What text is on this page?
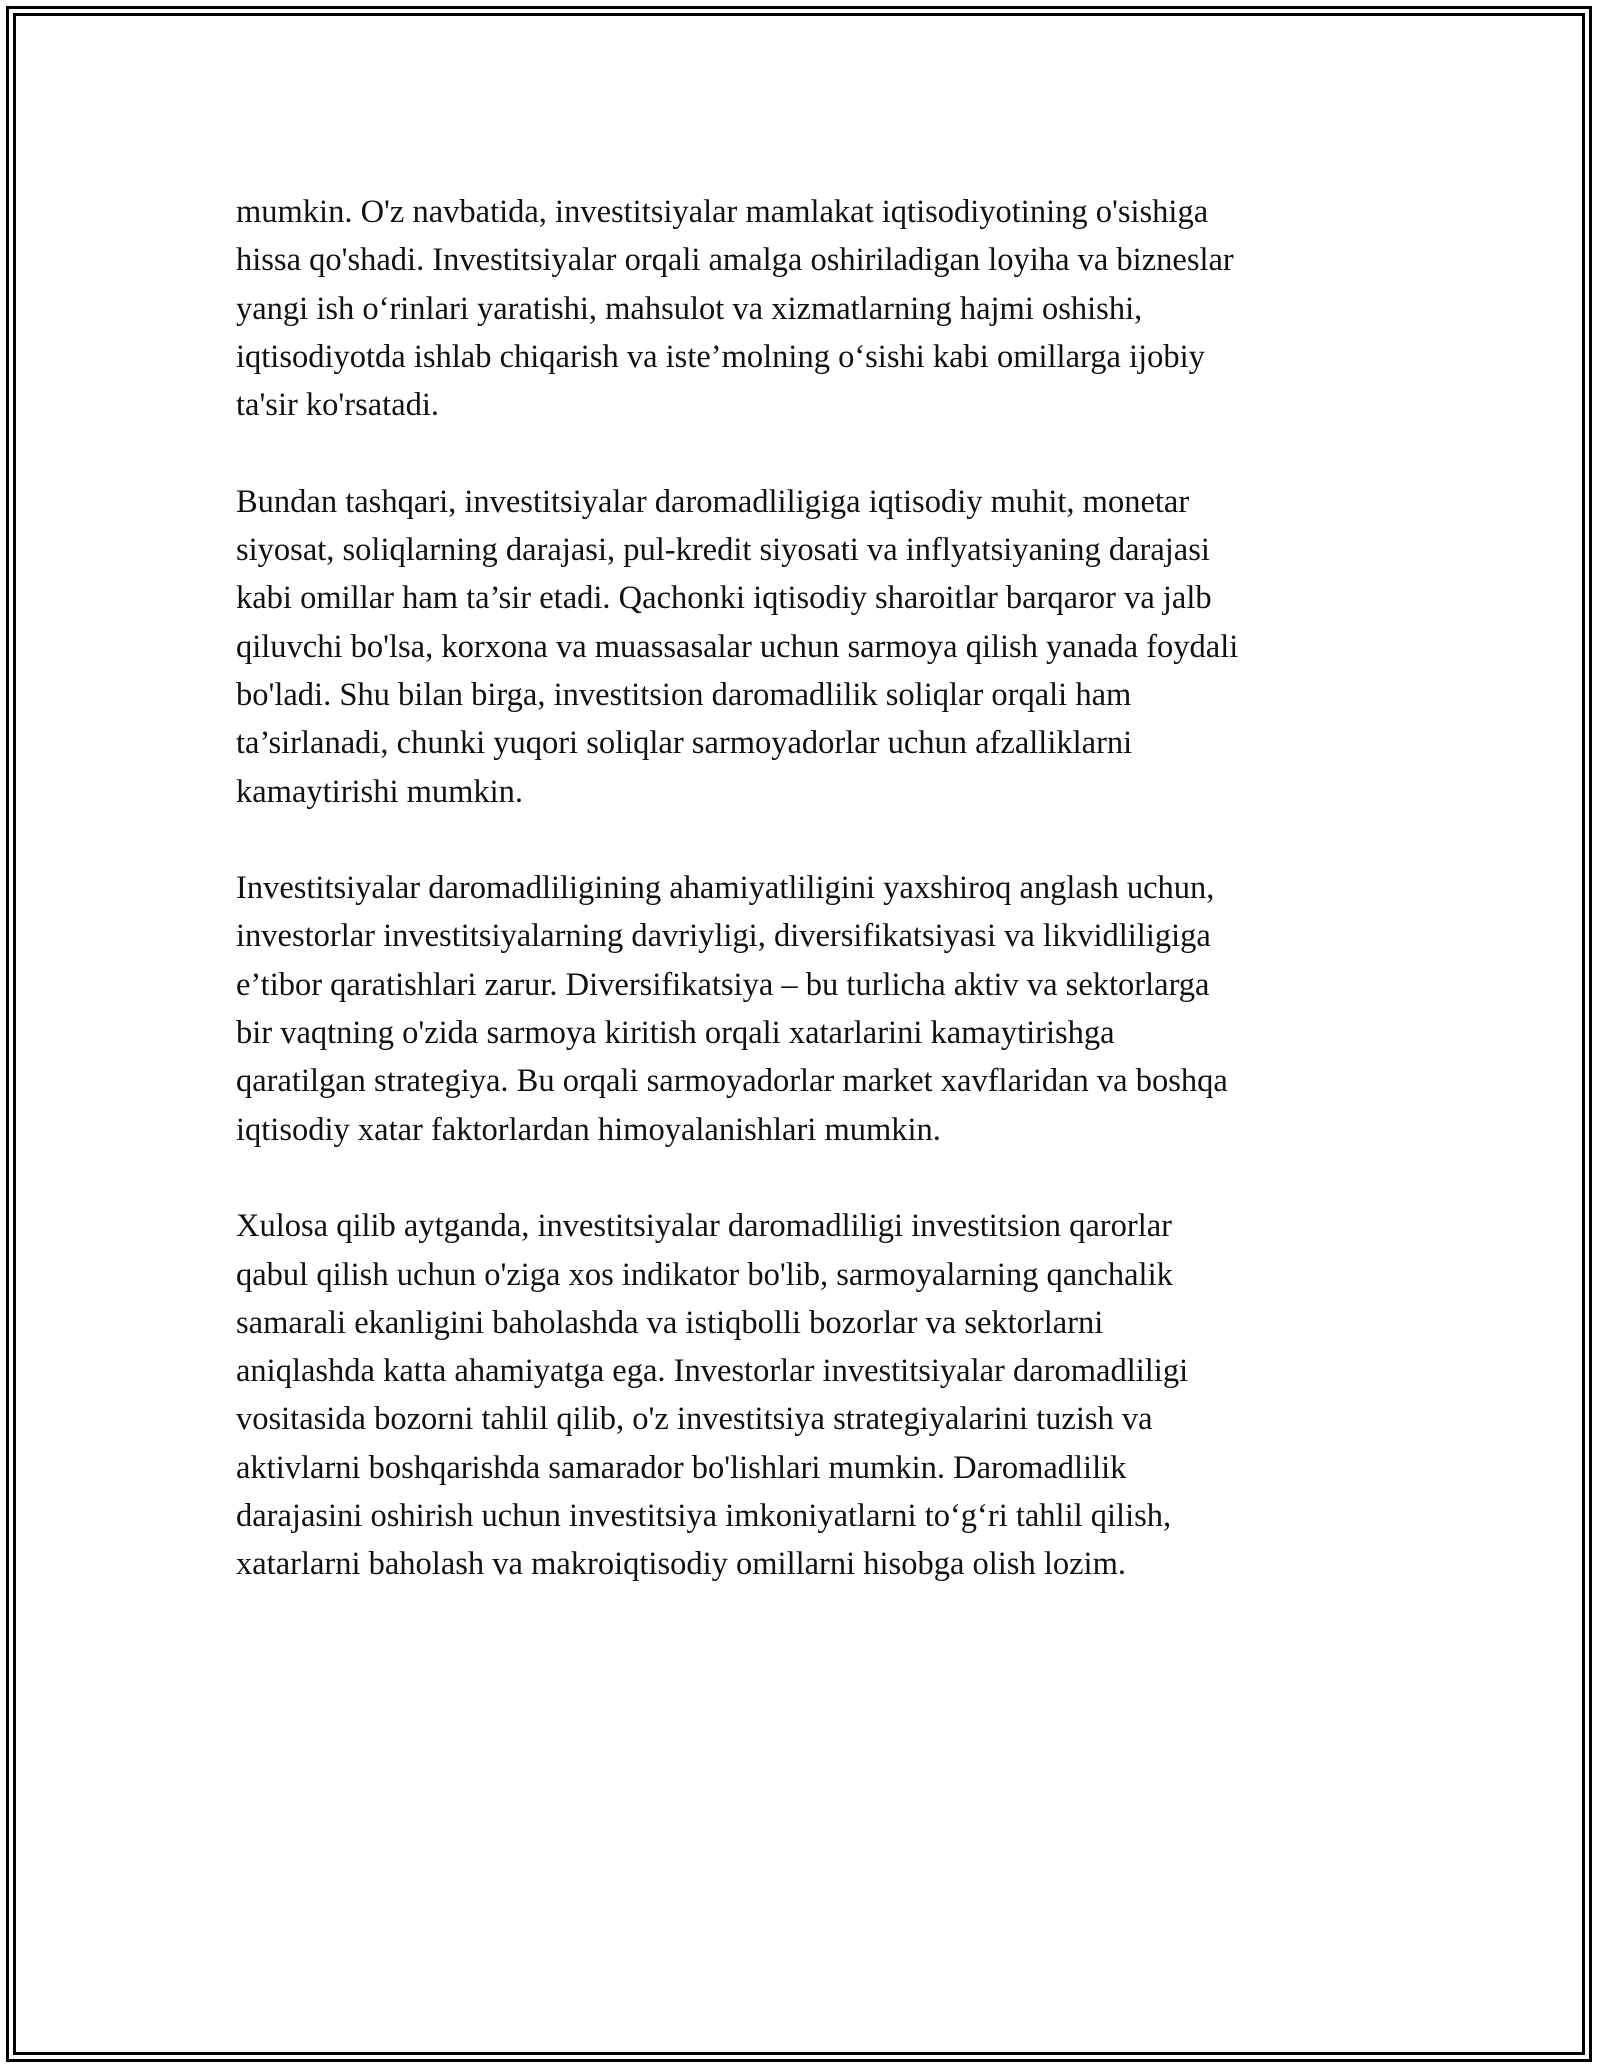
mumkin. O'z navbatida, investitsiyalar mamlakat iqtisodiyotining o'sishiga
hissa qo'shadi. Investitsiyalar orqali amalga oshiriladigan loyiha va bizneslar
yangi ish o‘rinlari yaratishi, mahsulot va xizmatlarning hajmi oshishi,
iqtisodiyotda ishlab chiqarish va iste’molning o‘sishi kabi omillarga ijobiy
ta'sir ko'rsatadi.

Bundan tashqari, investitsiyalar daromadliligiga iqtisodiy muhit, monetar
siyosat, soliqlarning darajasi, pul-kredit siyosati va inflyatsiyaning darajasi
kabi omillar ham ta’sir etadi. Qachonki iqtisodiy sharoitlar barqaror va jalb
qiluvchi bo'lsa, korxona va muassasalar uchun sarmoya qilish yanada foydali
bo'ladi. Shu bilan birga, investitsion daromadlilik soliqlar orqali ham
ta’sirlanadi, chunki yuqori soliqlar sarmoyadorlar uchun afzalliklarni
kamaytirishi mumkin.

Investitsiyalar daromadliligining ahamiyatliligini yaxshiroq anglash uchun,
investorlar investitsiyalarning davriyligi, diversifikatsiyasi va likvidliligiga
e’tibor qaratishlari zarur. Diversifikatsiya – bu turlicha aktiv va sektorlarga
bir vaqtning o'zida sarmoya kiritish orqali xatarlarini kamaytirishga
qaratilgan strategiya. Bu orqali sarmoyadorlar market xavflaridan va boshqa
iqtisodiy xatar faktorlardan himoyalanishlari mumkin.

Xulosa qilib aytganda, investitsiyalar daromadliligi investitsion qarorlar
qabul qilish uchun o'ziga xos indikator bo'lib, sarmoyalarning qanchalik
samarali ekanligini baholashda va istiqbolli bozorlar va sektorlarni
aniqlashda katta ahamiyatga ega. Investorlar investitsiyalar daromadliligi
vositasida bozorni tahlil qilib, o'z investitsiya strategiyalarini tuzish va
aktivlarni boshqarishda samarador bo'lishlari mumkin. Daromadlilik
darajasini oshirish uchun investitsiya imkoniyatlarni to‘g‘ri tahlil qilish,
xatarlarni baholash va makroiqtisodiy omillarni hisobga olish lozim.
